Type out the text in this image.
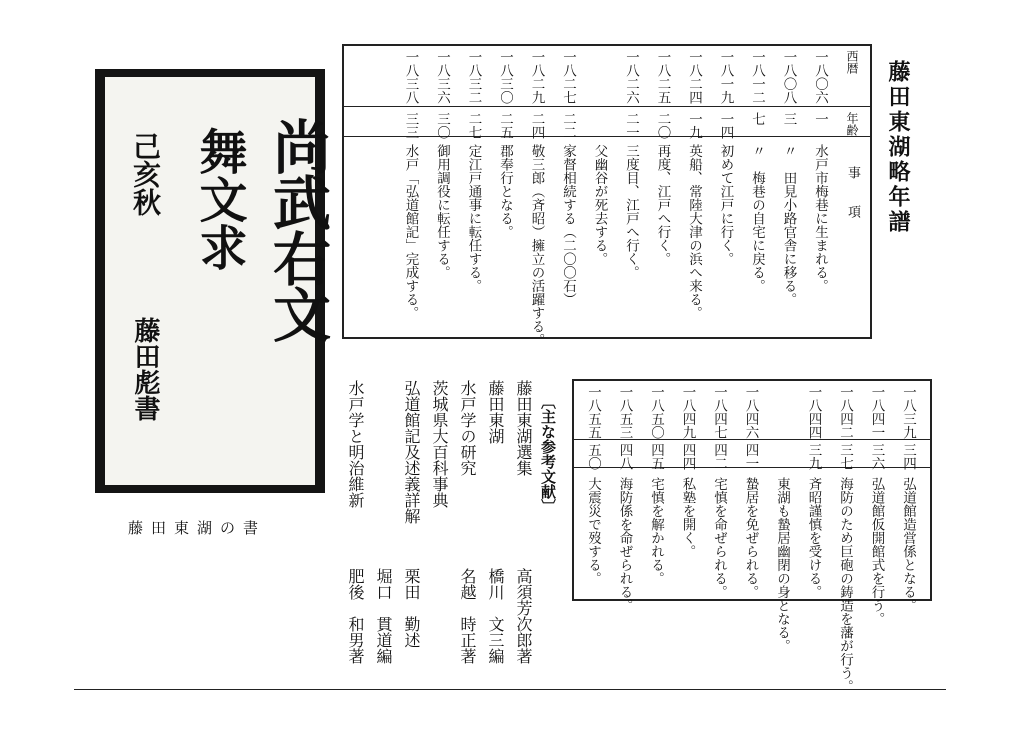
藤田東湖略年譜
西暦
年齢
事　　項
一八〇六
一
水戸市梅巷に生まれる。
一八〇八
三
〃　田見小路官舎に移る。
一八一二
七
〃　梅巷の自宅に戻る。
一八一九
一四
初めて江戸に行く。
一八二四
一九
英船、常陸大津の浜へ来る。
一八二五
二〇
再度、江戸へ行く。
一八二六
二一
三度目、江戸へ行く。
父幽谷が死去する。
一八二七
二二
家督相続する（二〇〇石）
一八二九
二四
敬三郎（斉昭）擁立の活躍する。
一八三〇
二五
郡奉行となる。
一八三二
二七
定江戸通事に転任する。
一八三六
三〇
御用調役に転任する。
一八三八
三三
水戸「弘道館記」完成する。
一八三九
三四
弘道館造営係となる。
一八四一
三六
弘道館仮開館式を行う。
一八四二
三七
海防のため巨砲の鋳造を藩が行う。
一八四四
三九
斉昭謹慎を受ける。
東湖も蟄居幽閉の身となる。
一八四六
四一
蟄居を免ぜられる。
一八四七
四二
宅慎を命ぜられる。
一八四九
四四
私塾を開く。
一八五〇
四五
宅慎を解かれる。
一八五三
四八
海防係を命ぜられる。
一八五五
五〇
大震災で歿する。
尚武右文
舞文求
己亥秋
藤田彪書
藤田東湖の書
〔主な参考文献〕
藤田東湖選集
高須芳次郎著
藤田東湖
橋川　文三編
水戸学の研究
名越　時正著
茨城県大百科事典
弘道館記及述義詳解
栗田　勤述
堀口　貫道編
水戸学と明治維新
肥後　和男著
